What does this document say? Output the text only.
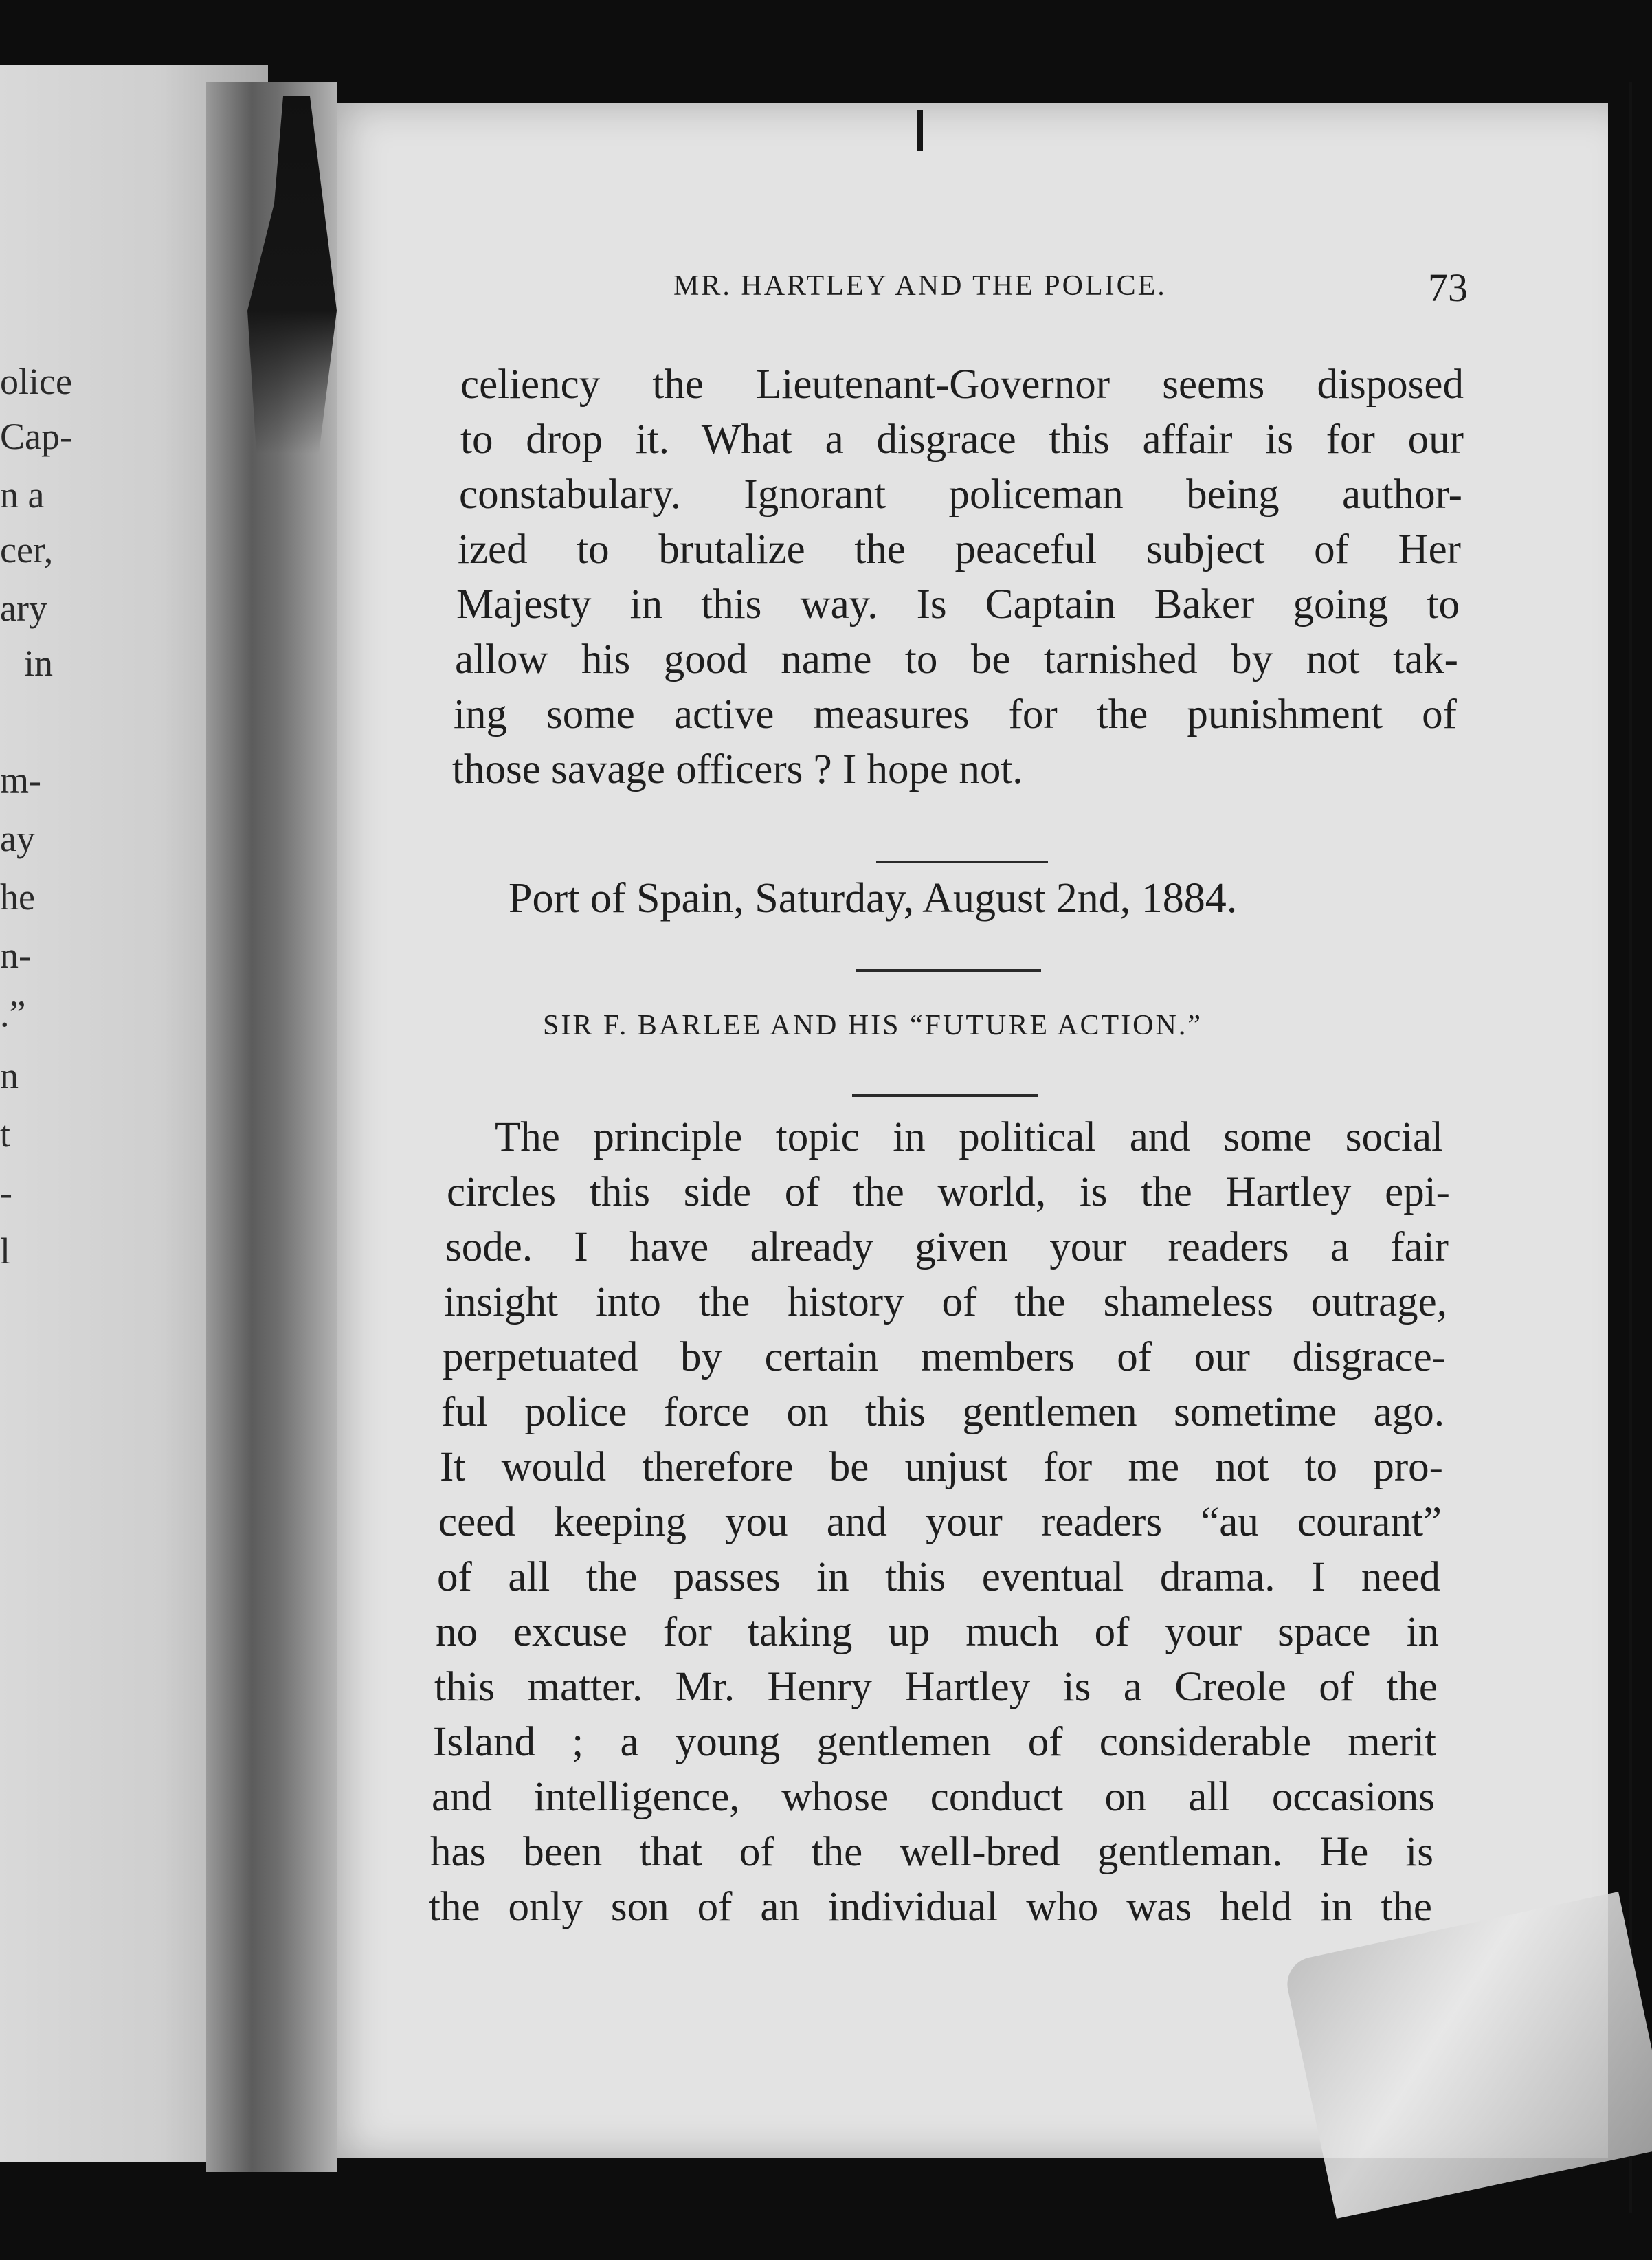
olice
Cap-
n a
cer,
ary
in
m-
ay
he
n-
.”
n
t
-
l
MR. HARTLEY AND THE POLICE.	73

celiency the Lieutenant-Governor seems disposed

to drop it. What a disgrace this affair is for our

constabulary. Ignorant policeman being author-

ized to brutalize the peaceful subject of Her

Majesty in this way. Is Captain Baker going to

allow his good name to be tarnished by not tak-

ing some active measures for the punishment of

those savage officers ? I hope not.

Port of Spain, Saturday, August 2nd, 1884.
SIR F. BARLEE AND HIS “FUTURE ACTION.”

The principle topic in political and some social

circles this side of the world, is the Hartley epi-

sode. I have already given your readers a fair

insight into the history of the shameless outrage,

perpetuated by certain members of our disgrace-

ful police force on this gentlemen sometime ago.

It would therefore be unjust for me not to pro-

ceed keeping you and your readers “au courant”

of all the passes in this eventual drama. I need

no excuse for taking up much of your space in

this matter. Mr. Henry Hartley is a Creole of the

Island ; a young gentlemen of considerable merit

and intelligence, whose conduct on all occasions

has been that of the well-bred gentleman. He is

the only son of an individual who was held in the
